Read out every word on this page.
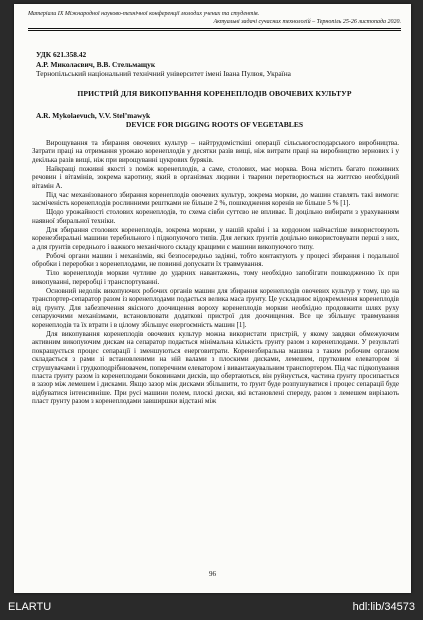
Матеріали IX Міжнародної науково-технічної конференції молодих учених та студентів.
Актуальні задачі сучасних технологій – Тернопіль 25-26 листопада 2020.
УДК 621.358.42
А.Р. Миколаєвич, В.В. Стельмащук
Тернопільський національний технічний університет імені Івана Пулюя, Україна
ПРИСТРІЙ ДЛЯ ВИКОПУВАННЯ КОРЕНЕПЛОДІВ ОВОЧЕВИХ КУЛЬТУР
A.R. Mykolaevuch, V.V. Stel’mawyk
DEVICE FOR DIGGING ROOTS OF VEGETABLES

Вирощування та збирання овочевих культур – найтрудомісткіші операції сільськогосподарського виробництва. Затрати праці на отримання урожаю коренеплодів у десятки разів вищі, ніж витрати праці на виробництво зернових і у декілька разів вищі, ніж при вирощуванні цукрових буряків.

Найкращі поживні якості з поміж коренеплодів, а саме, столових, має морква. Вона містить багато поживних речовин і вітамінів, зокрема каротину, який в організмах людини і тварини перетворюється на життєво необхідний вітамін А.

Під час механізованого збирання коренеплодів овочевих культур, зокрема моркви, до машин ставлять такі вимоги: засміченість коренеплодів рослинними рештками не більше 2 %, пошкодження коренів не більше 5 % [1].

Щодо урожайності столових коренеплодів, то схема сівби суттєво не впливає. Її доцільно вибирати з урахуванням наявної збиральної техніки.

Для збирання столових коренеплодів, зокрема моркви, у нашій країні і за кордоном найчастіше використовують коренезбиральні машини теребильного і підкопуючого типів. Для легких ґрунтів доцільно використовувати перші з них, а для ґрунтів середнього і важкого механічного складу кращими є машини викопуючого типу.

Робочі органи машин і механізмів, які безпосередньо задіяні, тобто контактують у процесі збирання і подальшої обробки і переробки з коренеплодами, не повинні допускати їх травмування.

Тіло коренеплодів моркви чутливе до ударних навантажень, тому необхідно запобігати пошкодженню їх при викопуванні, переробці і транспортуванні.

Основний недолік викопуючих робочих органів машин для збирання коренеплодів овочевих культур у тому, що на транспортер-сепаратор разом із коренеплодами подається велика маса ґрунту. Це ускладнює відокремлення коренеплодів від ґрунту. Для забезпечення якісного доочищення вороху коренеплодів моркви необхідно продовжити шлях руху сепаруючими механізмами, встановлювати додаткові пристрої для доочищення. Все це збільшує травмування коренеплодів та їх втрати і в цілому збільшує енергоємність машин [1].

Для викопування коренеплодів овочевих культур можна використати пристрій, у якому завдяки обмежуючим активним викопуючим дискам на сепаратор подається мінімальна кількість ґрунту разом з коренеплодами. У результаті покращується процес сепарації і зменшуються енерговитрати. Коренезбиральна машина з таким робочим органом складається з рами зі встановленими на ній валами з плоскими дисками, лемешем, прутковим елеватором зі струшувачами і грудкоподрібнювачем, поперечним елеватором і вивантажувальним транспортером. Під час підкопування пласта ґрунту разом із коренеплодами боковинами дисків, що обертаються, він руйнується, частина ґрунту просипається в зазор між лемешем і дисками. Якщо зазор між дисками збільшити, то ґрунт буде розпушуватися і процес сепарації буде відбуватися інтенсивніше. При русі машини полем, плоскі диски, які встановлені спереду, разом з лемешем вирізають пласт ґрунту разом з коренеплодами завширшки відстані між

96
ELARTU	hdl:lib/34573
